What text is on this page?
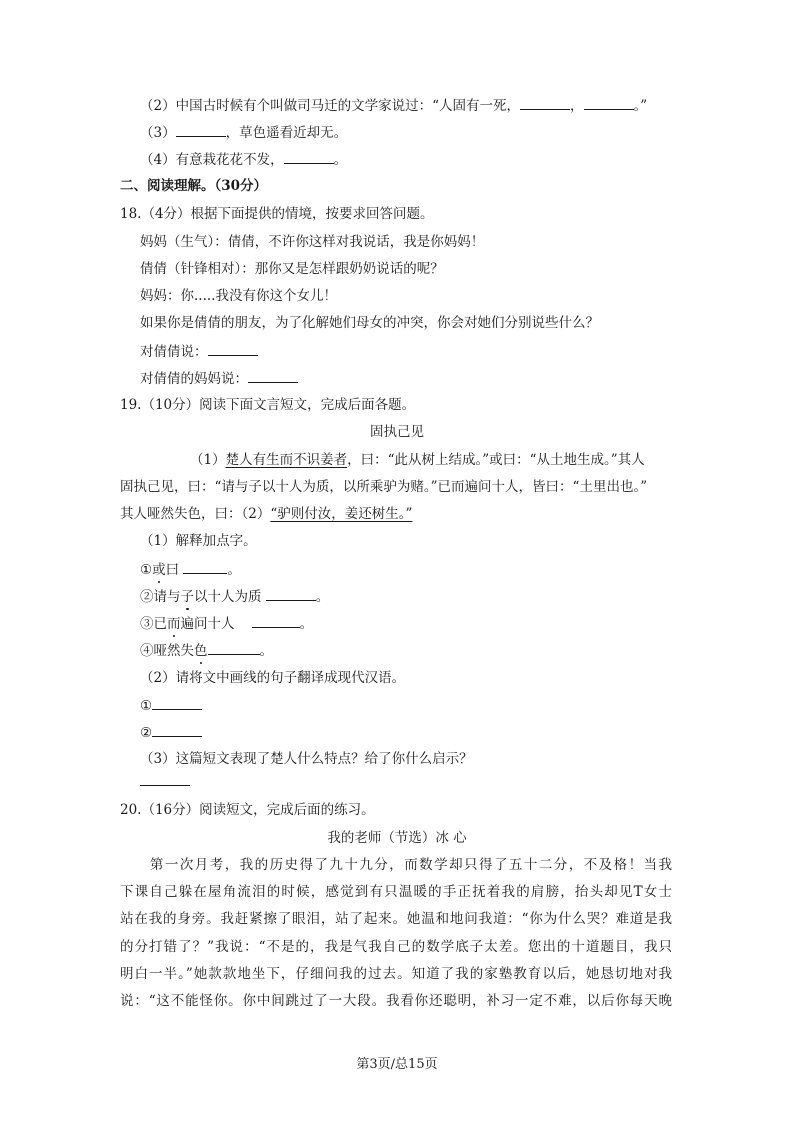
（2）中国古时候有个叫做司马迁的文学家说过：“人固有一死，	，	。”
（3）	，草色遥看近却无。
（4）有意栽花花不发，	。
二、阅读理解。（30分）
18.（4分）根据下面提供的情境，按要求回答问题。
妈妈（生气）：倩倩，不许你这样对我说话，我是你妈妈！
倩倩（针锋相对）：那你又是怎样跟奶奶说话的呢？
妈妈：你.....我没有你这个女儿！
如果你是倩倩的朋友，为了化解她们母女的冲突，你会对她们分别说些什么？
对倩倩说：
对倩倩的妈妈说：
19.（10分）阅读下面文言短文，完成后面各题。
固执己见
（1）楚人有生而不识姜者，曰：“此从树上结成。”或曰：“从土地生成。”其人
固执己见，曰：“请与子以十人为质，以所乘驴为赌。”已而遍问十人，皆曰：“土里出也。”
其人哑然失色，曰：（2）“驴则付汝，姜还树生。”
（1）解释加点字。
①或曰	。
②请与子以十人为质	。
③已而遍问十人	。
④哑然失色	。
（2）请将文中画线的句子翻译成现代汉语。
①
②
（3）这篇短文表现了楚人什么特点？给了你什么启示？
20.（16分）阅读短文，完成后面的练习。
我的老师（节选）冰 心
　　第一次月考，我的历史得了九十九分，而数学却只得了五十二分，不及格！当我
下课自己躲在屋角流泪的时候，感觉到有只温暖的手正抚着我的肩膀，抬头却见T女士
站在我的身旁。我赶紧擦了眼泪，站了起来。她温和地问我道：“你为什么哭？难道是我
的分打错了？”我说：“不是的，我是气我自己的数学底子太差。您出的十道题目，我只
明白一半。”她款款地坐下，仔细问我的过去。知道了我的家塾教育以后，她恳切地对我
说：“这不能怪你。你中间跳过了一大段。我看你还聪明，补习一定不难，以后你每天晚
第3页/总15页
